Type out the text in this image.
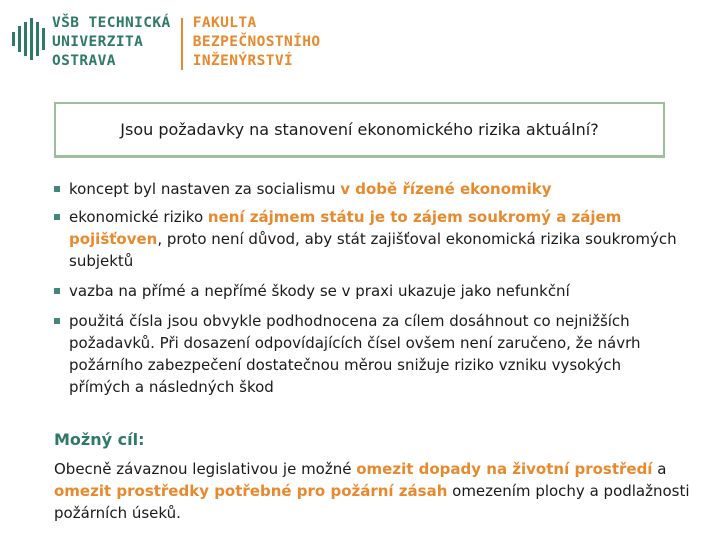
VŠB TECHNICKÁ
UNIVERZITA
OSTRAVA
FAKULTA
BEZPEČNOSTNÍHO
INŽENÝRSTVÍ
Jsou požadavky na stanovení ekonomického rizika aktuální?
koncept byl nastaven za socialismu v době řízené ekonomiky
ekonomické riziko není zájmem státu je to zájem soukromý a zájem pojišťoven, proto není důvod, aby stát zajišťoval ekonomická rizika soukromých subjektů
vazba na přímé a nepřímé škody se v praxi ukazuje jako nefunkční
použitá čísla jsou obvykle podhodnocena za cílem dosáhnout co nejnižších požadavků. Při dosazení odpovídajících čísel ovšem není zaručeno, že návrh požárního zabezpečení dostatečnou měrou snižuje riziko vzniku vysokých přímých a následných škod
Možný cíl:
Obecně závaznou legislativou je možné omezit dopady na životní prostředí a omezit prostředky potřebné pro požární zásah omezením plochy a podlažnosti požárních úseků.
